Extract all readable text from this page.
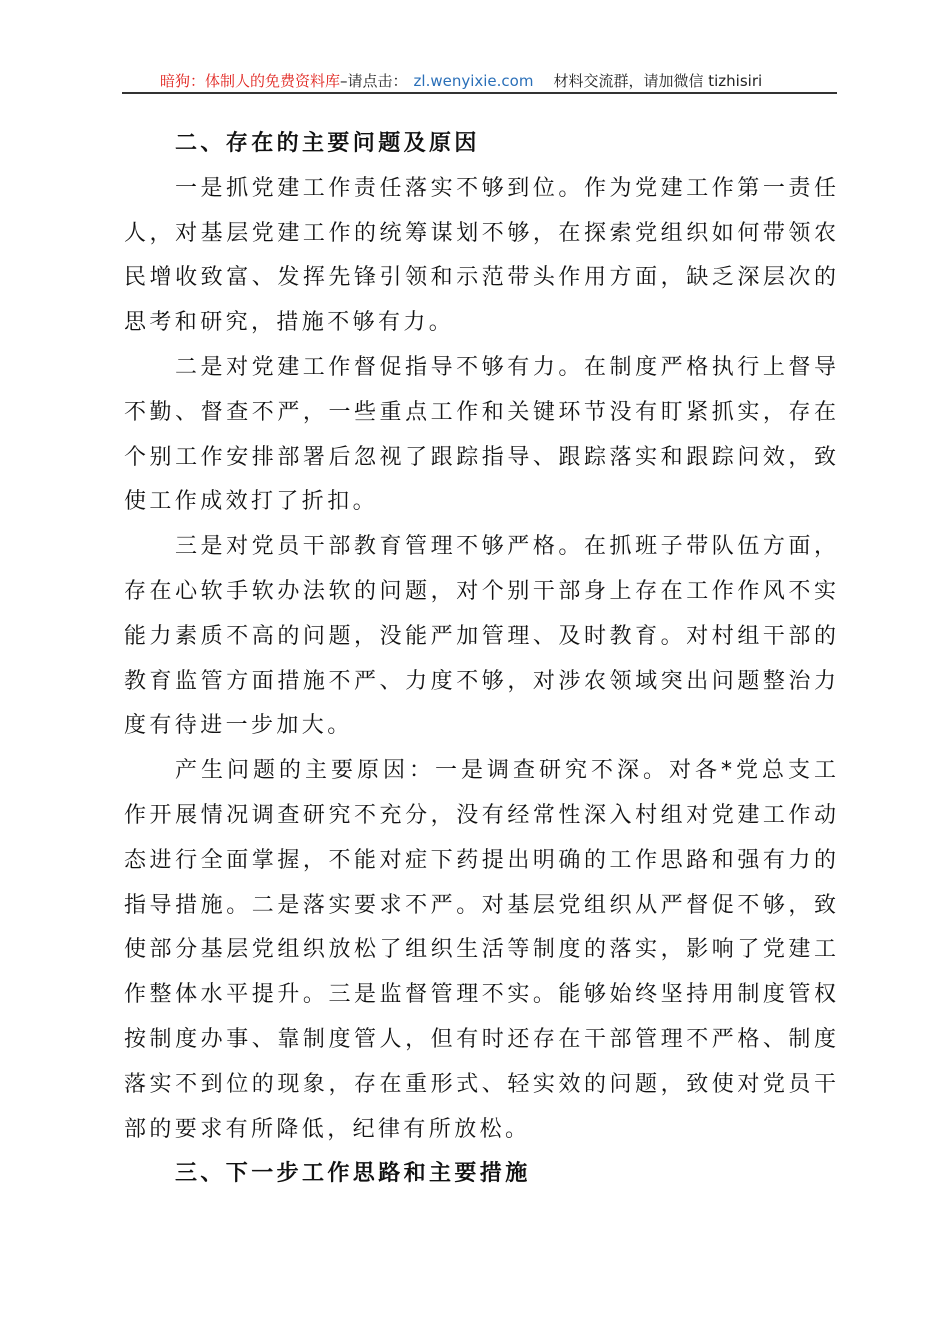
暗狗：体制人的免费资料库–请点击： zl.wenyixie.com 材料交流群，请加微信 tizhisiri
二、存在的主要问题及原因
一是抓党建工作责任落实不够到位。作为党建工作第一责任
人，对基层党建工作的统筹谋划不够，在探索党组织如何带领农
民增收致富、发挥先锋引领和示范带头作用方面，缺乏深层次的
思考和研究，措施不够有力。
二是对党建工作督促指导不够有力。在制度严格执行上督导
不勤、督查不严，一些重点工作和关键环节没有盯紧抓实，存在
个别工作安排部署后忽视了跟踪指导、跟踪落实和跟踪问效，致
使工作成效打了折扣。
三是对党员干部教育管理不够严格。在抓班子带队伍方面，
存在心软手软办法软的问题，对个别干部身上存在工作作风不实
能力素质不高的问题，没能严加管理、及时教育。对村组干部的
教育监管方面措施不严、力度不够，对涉农领域突出问题整治力
度有待进一步加大。
产生问题的主要原因：一是调查研究不深。对各*党总支工
作开展情况调查研究不充分，没有经常性深入村组对党建工作动
态进行全面掌握，不能对症下药提出明确的工作思路和强有力的
指导措施。二是落实要求不严。对基层党组织从严督促不够，致
使部分基层党组织放松了组织生活等制度的落实，影响了党建工
作整体水平提升。三是监督管理不实。能够始终坚持用制度管权
按制度办事、靠制度管人，但有时还存在干部管理不严格、制度
落实不到位的现象，存在重形式、轻实效的问题，致使对党员干
部的要求有所降低，纪律有所放松。
三、下一步工作思路和主要措施
